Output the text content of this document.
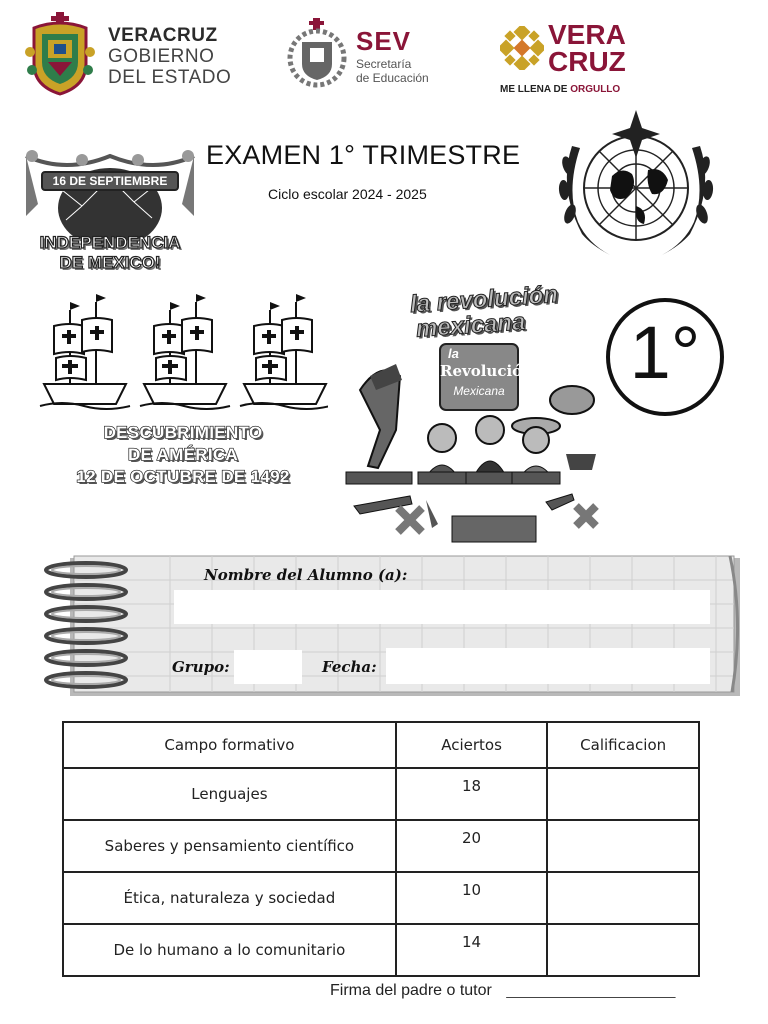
VERACRUZ
GOBIERNO
DEL ESTADO
SEV
Secretaría
de Educación
VERA
CRUZ
ME LLENA DE ORGULLO
EXAMEN 1° TRIMESTRE
Ciclo escolar 2024 - 2025
16 DE SEPTIEMBRE
INDEPENDENCIA
DE MEXICO!
DESCUBRIMIENTO
DE AMÉRICA
12 DE OCTUBRE DE 1492
la revolución
mexicana
la
Revolución
Mexicana 1°
Nombre del Alumno (a):
Grupo:	Fecha:
Campo formativo	Aciertos	Calificacion
Lenguajes	18	
Saberes y pensamiento científico	20	
Ética, naturaleza y sociedad	10	
De lo humano a lo comunitario	14	
Firma del padre o tutor ___________________
